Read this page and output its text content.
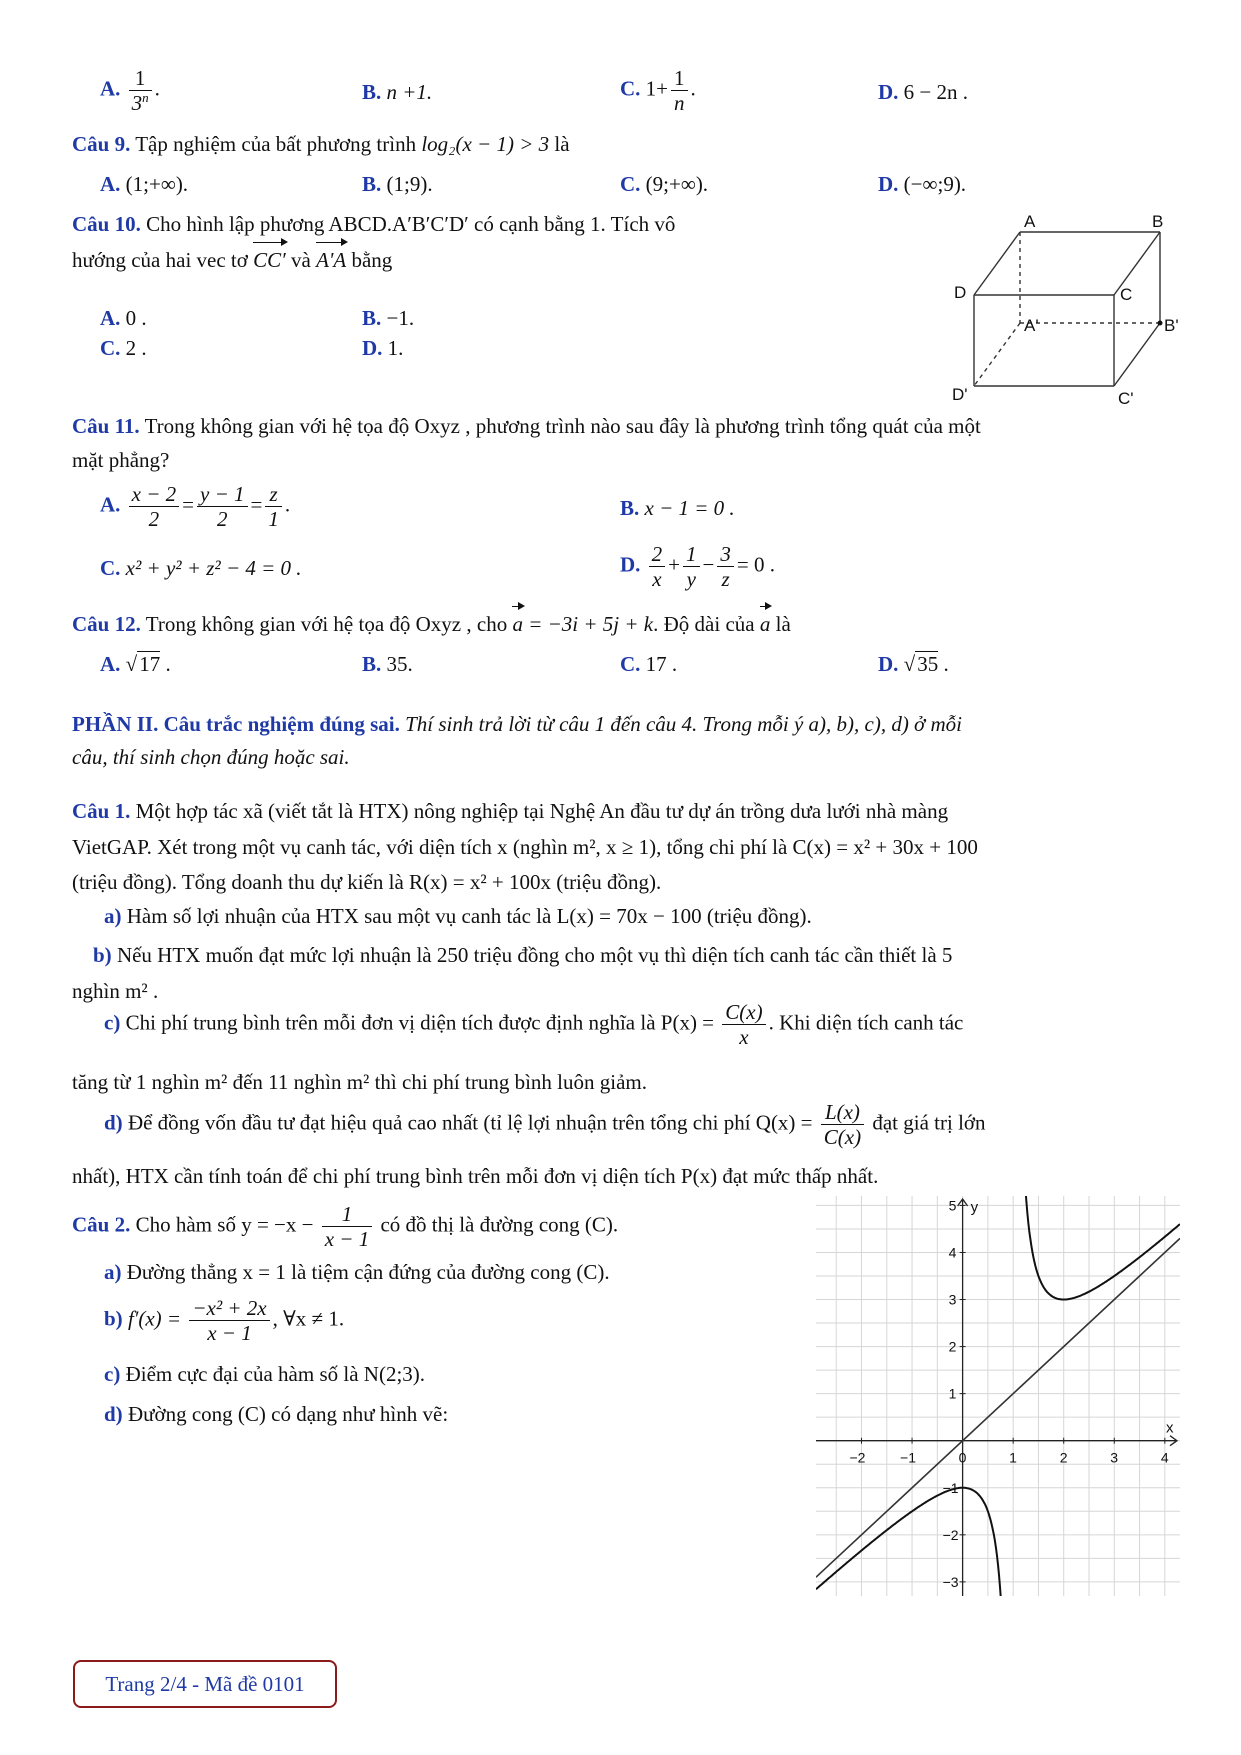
A. $\frac{1}{3^n}$ .	B. n +1.	C. $1+ \frac{1}{n}$ .	D. 6 − 2n .
Câu 9. Tập nghiệm của bất phương trình log₂(x − 1) > 3 là
A. (1;+∞).	B. (1;9).	C. (9;+∞).	D. (−∞;9).
Câu 10. Cho hình lập phương ABCD.A′B′C′D′ có cạnh bằng 1. Tích vô
hướng của hai vec tơ CC′ và A'A bằng
A. 0 .	B. −1.
C. 2 .	D. 1.
A	B
C
D
A'	B'
C'
D'
Câu 11. Trong không gian với hệ tọa độ Oxyz , phương trình nào sau đây là phương trình tổng quát của một
mặt phẳng?
A. $\frac{x - 2}{2} = \frac{y - 1}{2} = \frac{z}{1}$ .	B. x − 1 = 0 .
C. x² + y² + z² − 4 = 0 .	D. $\frac{2}{x} + \frac{1}{y} - \frac{3}{z} = 0$ .
Câu 12. Trong không gian với hệ tọa độ Oxyz , cho a = −3i + 5j + k. Độ dài của a là
A. √17 .	B. 35.	C. 17 .	D. √35 .
PHẦN II. Câu trắc nghiệm đúng sai. Thí sinh trả lời từ câu 1 đến câu 4. Trong mỗi ý a), b), c), d) ở mỗi
câu, thí sinh chọn đúng hoặc sai.
Câu 1. Một hợp tác xã (viết tắt là HTX) nông nghiệp tại Nghệ An đầu tư dự án trồng dưa lưới nhà màng
VietGAP. Xét trong một vụ canh tác, với diện tích x (nghìn m², x ≥ 1), tổng chi phí là C(x) = x² + 30x + 100
(triệu đồng). Tổng doanh thu dự kiến là R(x) = x² + 100x (triệu đồng).
a) Hàm số lợi nhuận của HTX sau một vụ canh tác là L(x) = 70x − 100 (triệu đồng).
b) Nếu HTX muốn đạt mức lợi nhuận là 250 triệu đồng cho một vụ thì diện tích canh tác cần thiết là 5
nghìn m² .
c) Chi phí trung bình trên mỗi đơn vị diện tích được định nghĩa là $P(x) = \frac{C(x)}{x}$ . Khi diện tích canh tác
tăng từ 1 nghìn m² đến 11 nghìn m² thì chi phí trung bình luôn giảm.
d) Để đồng vốn đầu tư đạt hiệu quả cao nhất (tỉ lệ lợi nhuận trên tổng chi phí $Q(x) = \frac{L(x)}{C(x)}$ đạt giá trị lớn
nhất), HTX cần tính toán để chi phí trung bình trên mỗi đơn vị diện tích P(x) đạt mức thấp nhất.
Câu 2. Cho hàm số $y = -x - \frac{1}{x - 1}$ có đồ thị là đường cong (C).
a) Đường thẳng x = 1 là tiệm cận đứng của đường cong (C).
b) $f'(x) = \frac{\text{−x² + 2x}}{x - 1}$ , ∀x ≠ 1.
c) Điểm cực đại của hàm số là N(2;3).
d) Đường cong (C) có dạng như hình vẽ:
−2 −1	0	1	2	3	4
5
4
3
2
1
−1
−2
−3
x
y
Trang 2/4 - Mã đề 0101
